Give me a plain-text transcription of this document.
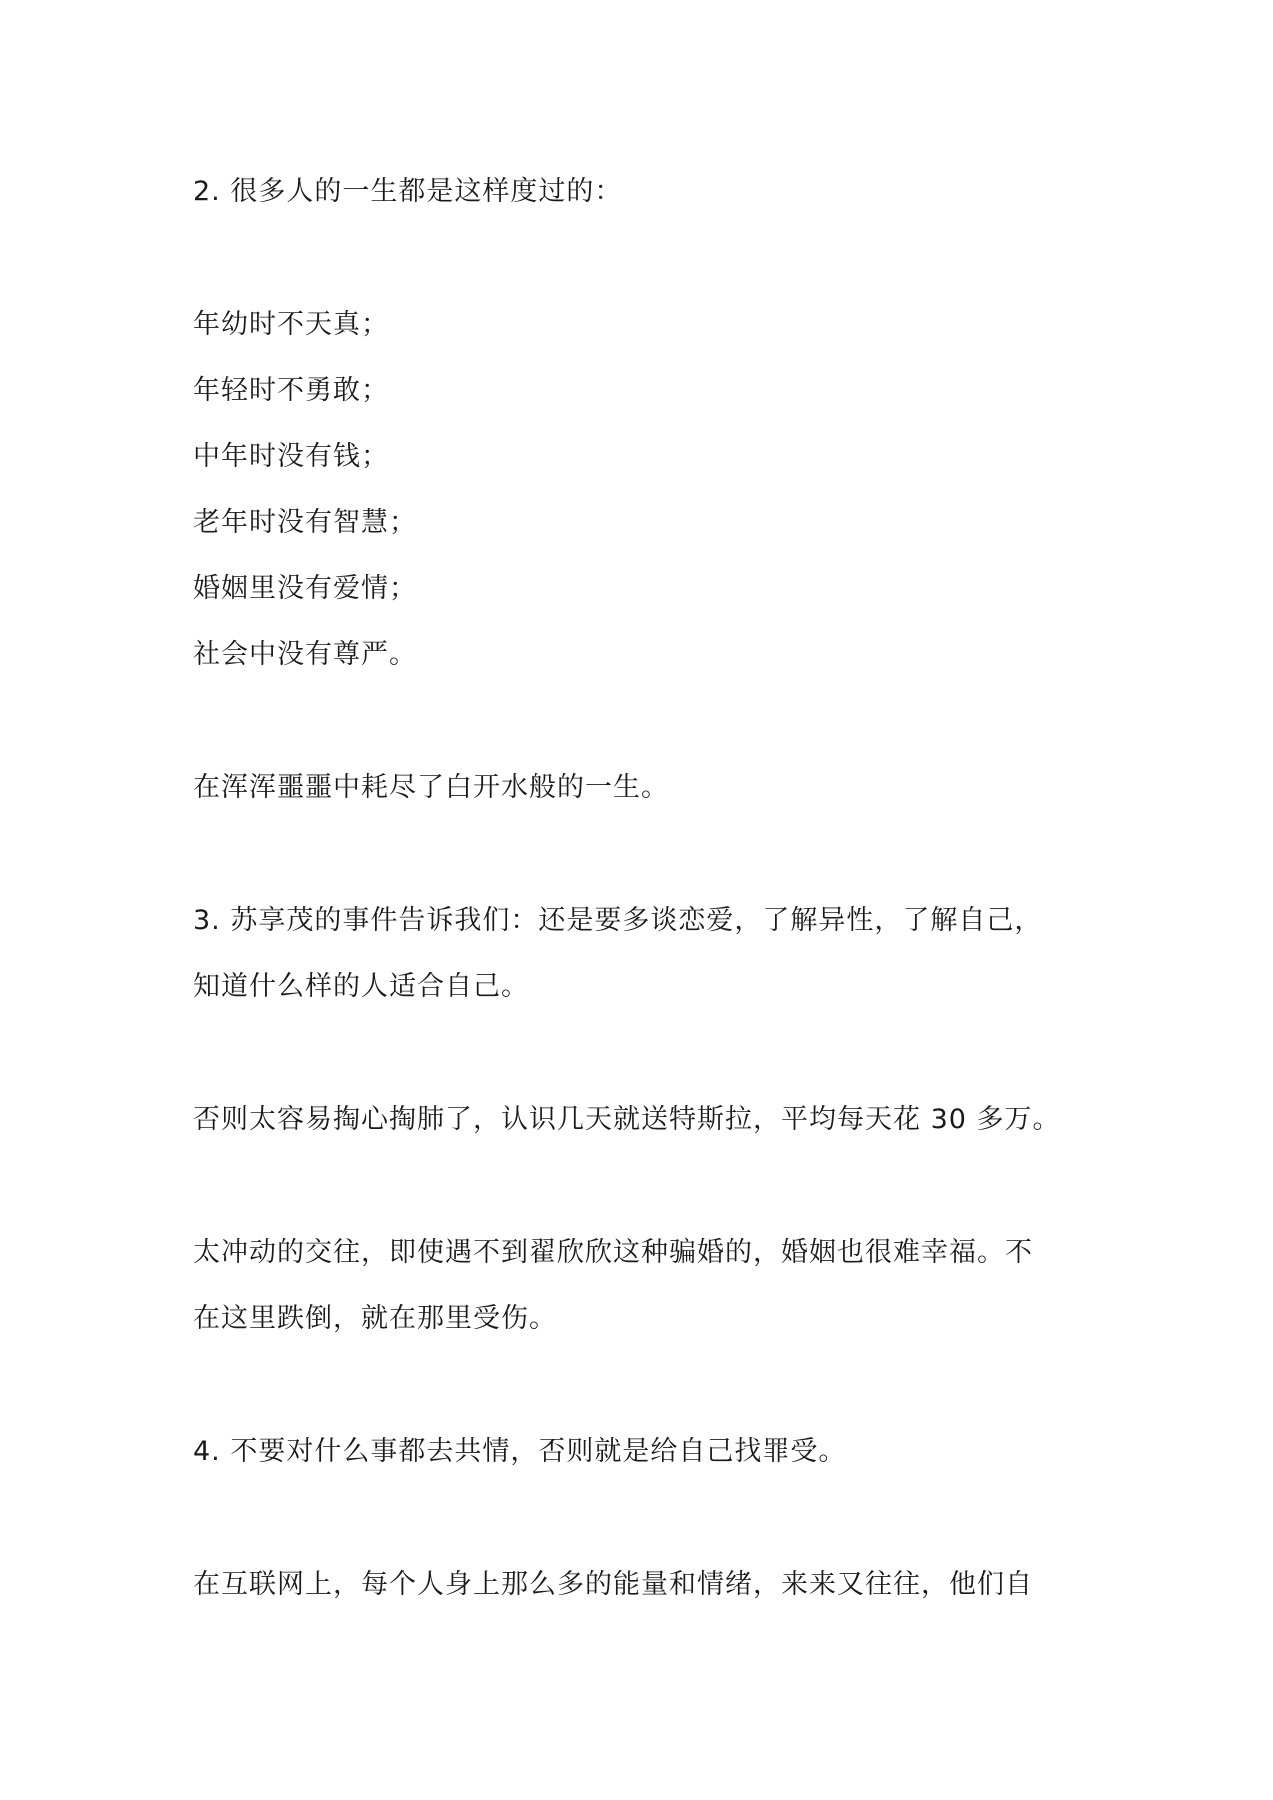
2. 很多人的一生都是这样度过的：
年幼时不天真；
年轻时不勇敢；
中年时没有钱；
老年时没有智慧；
婚姻里没有爱情；
社会中没有尊严。
在浑浑噩噩中耗尽了白开水般的一生。
3. 苏享茂的事件告诉我们：还是要多谈恋爱，了解异性，了解自己，
知道什么样的人适合自己。
否则太容易掏心掏肺了，认识几天就送特斯拉，平均每天花 30 多万。
太冲动的交往，即使遇不到翟欣欣这种骗婚的，婚姻也很难幸福。不
在这里跌倒，就在那里受伤。
4. 不要对什么事都去共情，否则就是给自己找罪受。
在互联网上，每个人身上那么多的能量和情绪，来来又往往，他们自
